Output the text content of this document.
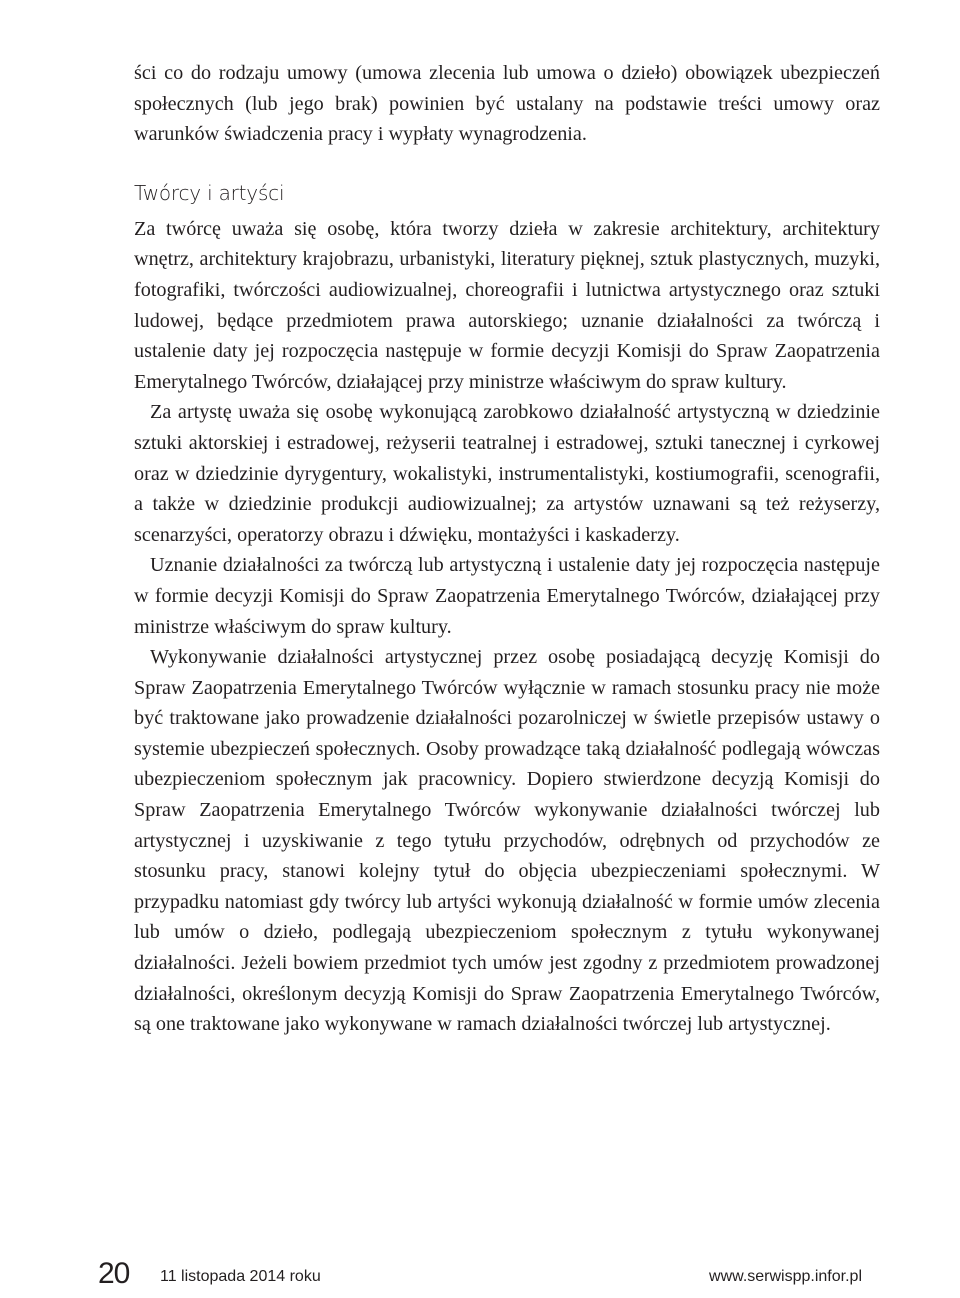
ści co do rodzaju umowy (umowa zlecenia lub umowa o dzieło) obowiązek ubezpieczeń społecznych (lub jego brak) powinien być ustalany na podstawie treści umowy oraz warunków świadczenia pracy i wypłaty wynagrodzenia.

Twórcy i artyści

Za twórcę uważa się osobę, która tworzy dzieła w zakresie architektury, architektury wnętrz, architektury krajobrazu, urbanistyki, literatury pięknej, sztuk plastycznych, muzyki, fotografiki, twórczości audiowizualnej, choreografii i lutnictwa artystycznego oraz sztuki ludowej, będące przedmiotem prawa autorskiego; uznanie działalności za twórczą i ustalenie daty jej rozpoczęcia następuje w formie decyzji Komisji do Spraw Zaopatrzenia Emerytalnego Twórców, działającej przy ministrze właściwym do spraw kultury.

Za artystę uważa się osobę wykonującą zarobkowo działalność artystyczną w dziedzinie sztuki aktorskiej i estradowej, reżyserii teatralnej i estradowej, sztuki tanecznej i cyrkowej oraz w dziedzinie dyrygentury, wokalistyki, instrumentalistyki, kostiumografii, scenografii, a także w dziedzinie produkcji audiowizualnej; za artystów uznawani są też reżyserzy, scenarzyści, operatorzy obrazu i dźwięku, montażyści i kaskaderzy.

Uznanie działalności za twórczą lub artystyczną i ustalenie daty jej rozpoczęcia następuje w formie decyzji Komisji do Spraw Zaopatrzenia Emerytalnego Twórców, działającej przy ministrze właściwym do spraw kultury.

Wykonywanie działalności artystycznej przez osobę posiadającą decyzję Komisji do Spraw Zaopatrzenia Emerytalnego Twórców wyłącznie w ramach stosunku pracy nie może być traktowane jako prowadzenie działalności pozarolniczej w świetle przepisów ustawy o systemie ubezpieczeń społecznych. Osoby prowadzące taką działalność podlegają wówczas ubezpieczeniom społecznym jak pracownicy. Dopiero stwierdzone decyzją Komisji do Spraw Zaopatrzenia Emerytalnego Twórców wykonywanie działalności twórczej lub artystycznej i uzyskiwanie z tego tytułu przychodów, odrębnych od przychodów ze stosunku pracy, stanowi kolejny tytuł do objęcia ubezpieczeniami społecznymi. W przypadku natomiast gdy twórcy lub artyści wykonują działalność w formie umów zlecenia lub umów o dzieło, podlegają ubezpieczeniom społecznym z tytułu wykonywanej działalności. Jeżeli bowiem przedmiot tych umów jest zgodny z przedmiotem prowadzonej działalności, określonym decyzją Komisji do Spraw Zaopatrzenia Emerytalnego Twórców, są one traktowane jako wykonywane w ramach działalności twórczej lub artystycznej.

20 11 listopada 2014 roku	www.serwispp.infor.pl
